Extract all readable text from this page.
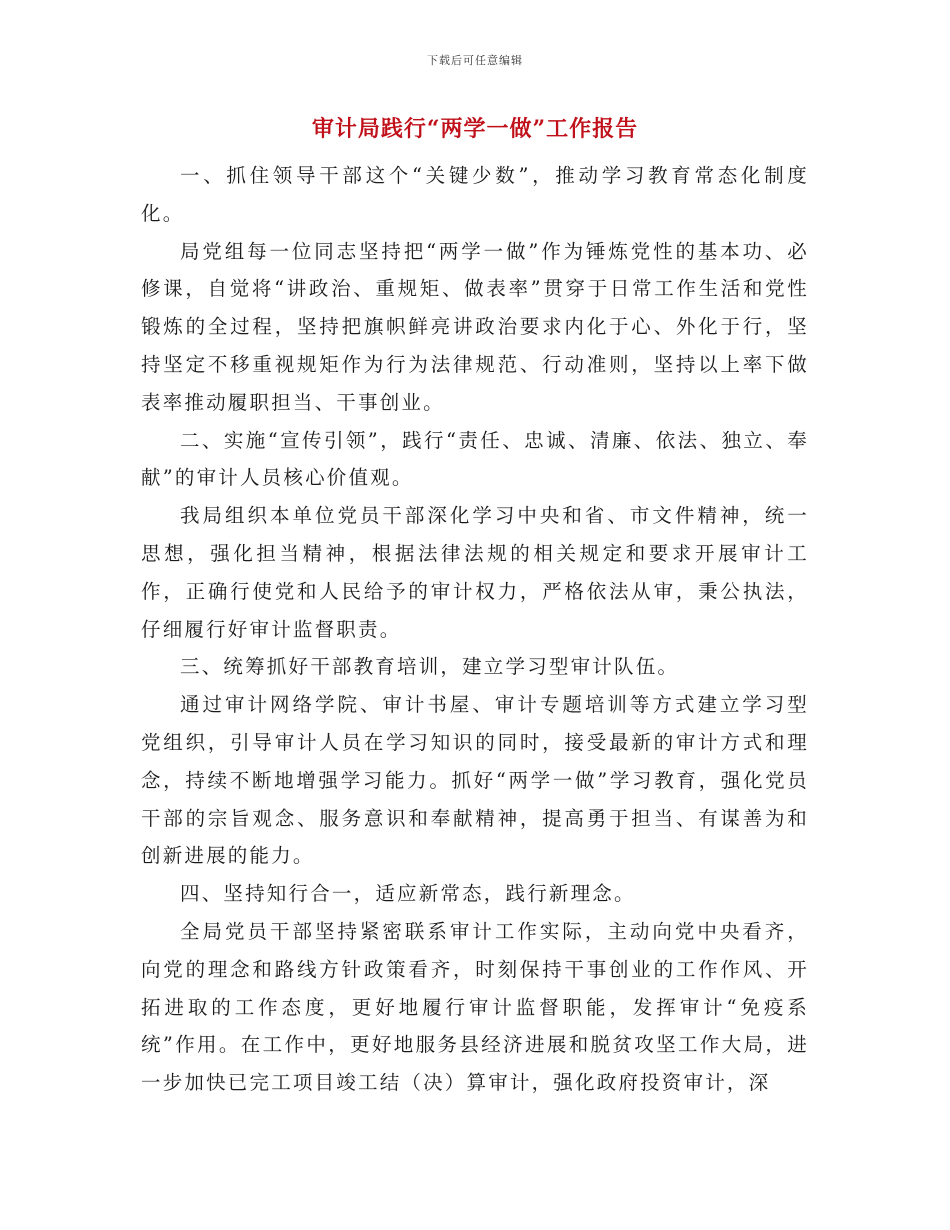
下载后可任意编辑
审计局践行“两学一做”工作报告

一、抓住领导干部这个“关键少数”，推动学习教育常态化制度化。

局党组每一位同志坚持把“两学一做”作为锤炼党性的基本功、必修课，自觉将“讲政治、重规矩、做表率”贯穿于日常工作生活和党性锻炼的全过程，坚持把旗帜鲜亮讲政治要求内化于心、外化于行，坚持坚定不移重视规矩作为行为法律规范、行动准则，坚持以上率下做表率推动履职担当、干事创业。

二、实施“宣传引领”，践行“责任、忠诚、清廉、依法、独立、奉献”的审计人员核心价值观。

我局组织本单位党员干部深化学习中央和省、市文件精神，统一思想，强化担当精神，根据法律法规的相关规定和要求开展审计工作，正确行使党和人民给予的审计权力，严格依法从审，秉公执法，仔细履行好审计监督职责。

三、统筹抓好干部教育培训，建立学习型审计队伍。

通过审计网络学院、审计书屋、审计专题培训等方式建立学习型党组织，引导审计人员在学习知识的同时，接受最新的审计方式和理念，持续不断地增强学习能力。抓好“两学一做”学习教育，强化党员干部的宗旨观念、服务意识和奉献精神，提高勇于担当、有谋善为和创新进展的能力。

四、坚持知行合一，适应新常态，践行新理念。

全局党员干部坚持紧密联系审计工作实际，主动向党中央看齐，向党的理念和路线方针政策看齐，时刻保持干事创业的工作作风、开拓进取的工作态度，更好地履行审计监督职能，发挥审计“免疫系统”作用。在工作中，更好地服务县经济进展和脱贫攻坚工作大局，进一步加快已完工项目竣工结（决）算审计，强化政府投资审计，深
